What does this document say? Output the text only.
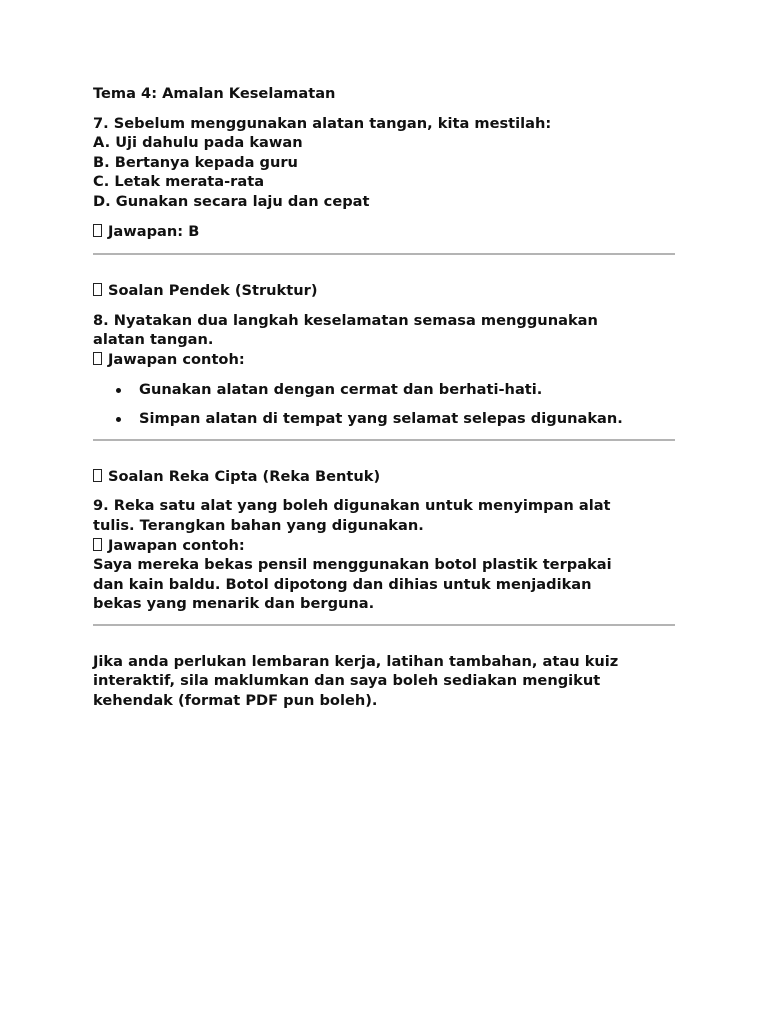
Tema 4: Amalan Keselamatan
7. Sebelum menggunakan alatan tangan, kita mestilah:
A. Uji dahulu pada kawan
B. Bertanya kepada guru
C. Letak merata-rata
D. Gunakan secara laju dan cepat
Jawapan: B
Soalan Pendek (Struktur)
8. Nyatakan dua langkah keselamatan semasa menggunakan
alatan tangan.
Jawapan contoh:
Gunakan alatan dengan cermat dan berhati-hati.
Simpan alatan di tempat yang selamat selepas digunakan.
Soalan Reka Cipta (Reka Bentuk)
9. Reka satu alat yang boleh digunakan untuk menyimpan alat
tulis. Terangkan bahan yang digunakan.
Jawapan contoh:
Saya mereka bekas pensil menggunakan botol plastik terpakai
dan kain baldu. Botol dipotong dan dihias untuk menjadikan
bekas yang menarik dan berguna.
Jika anda perlukan lembaran kerja, latihan tambahan, atau kuiz
interaktif, sila maklumkan dan saya boleh sediakan mengikut
kehendak (format PDF pun boleh).
